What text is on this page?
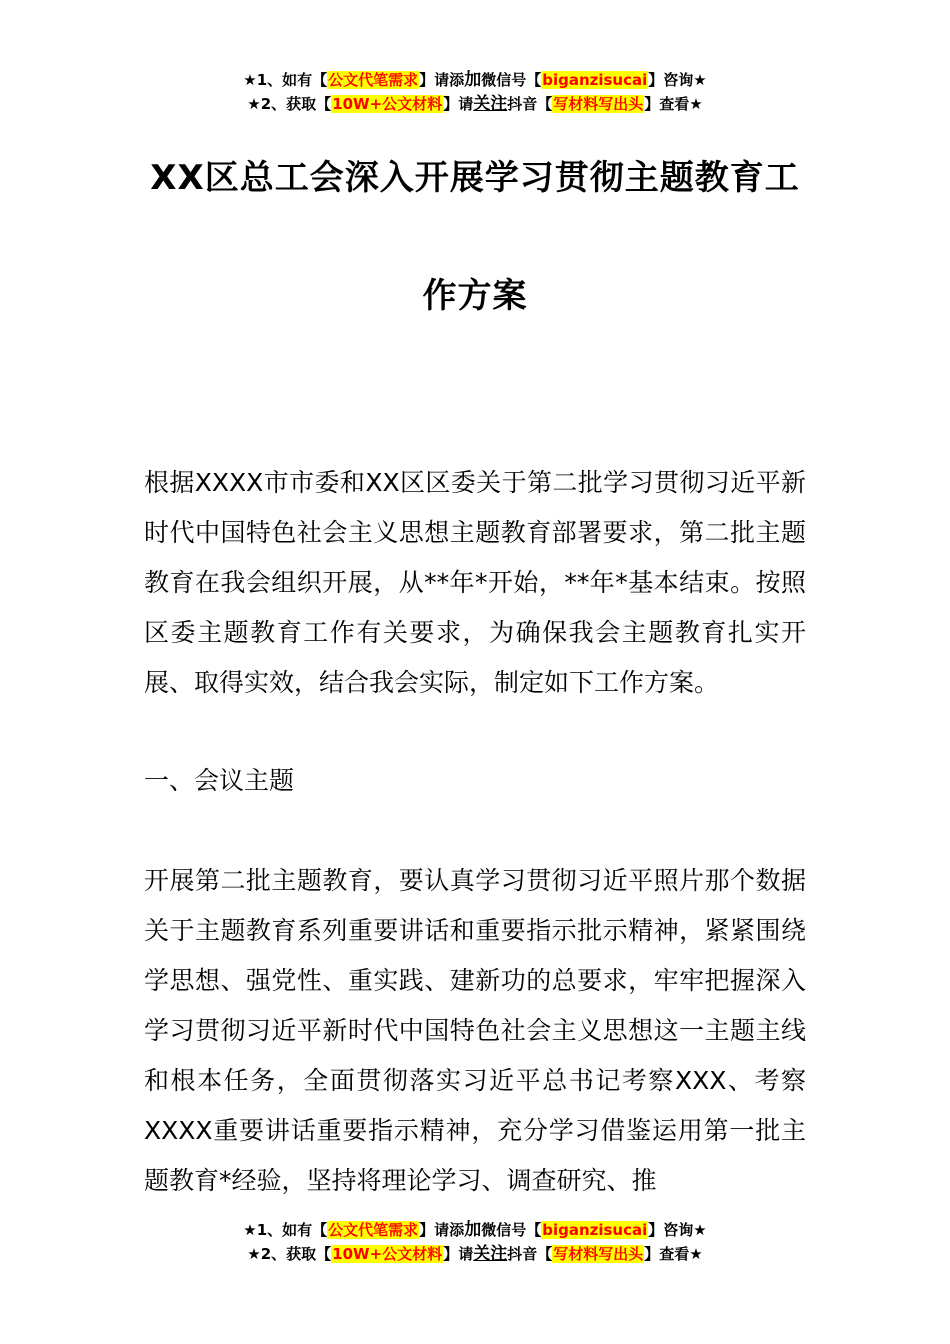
★1、如有【公文代笔需求】请添加微信号【biganzisucai】咨询★
★2、获取【10W+公文材料】请关注抖音【写材料写出头】查看★
XX区总工会深入开展学习贯彻主题教育工
作方案

根据XXXX市市委和XX区区委关于第二批学习贯彻习近平新时代中国特色社会主义思想主题教育部署要求，第二批主题教育在我会组织开展，从**年*开始，**年*基本结束。按照区委主题教育工作有关要求，为确保我会主题教育扎实开展、取得实效，结合我会实际，制定如下工作方案。

一、会议主题

开展第二批主题教育，要认真学习贯彻习近平照片那个数据关于主题教育系列重要讲话和重要指示批示精神，紧紧围绕学思想、强党性、重实践、建新功的总要求，牢牢把握深入学习贯彻习近平新时代中国特色社会主义思想这一主题主线和根本任务，全面贯彻落实习近平总书记考察XXX、考察XXXX重要讲话重要指示精神，充分学习借鉴运用第一批主题教育*经验，坚持将理论学习、调查研究、推

★1、如有【公文代笔需求】请添加微信号【biganzisucai】咨询★
★2、获取【10W+公文材料】请关注抖音【写材料写出头】查看★
